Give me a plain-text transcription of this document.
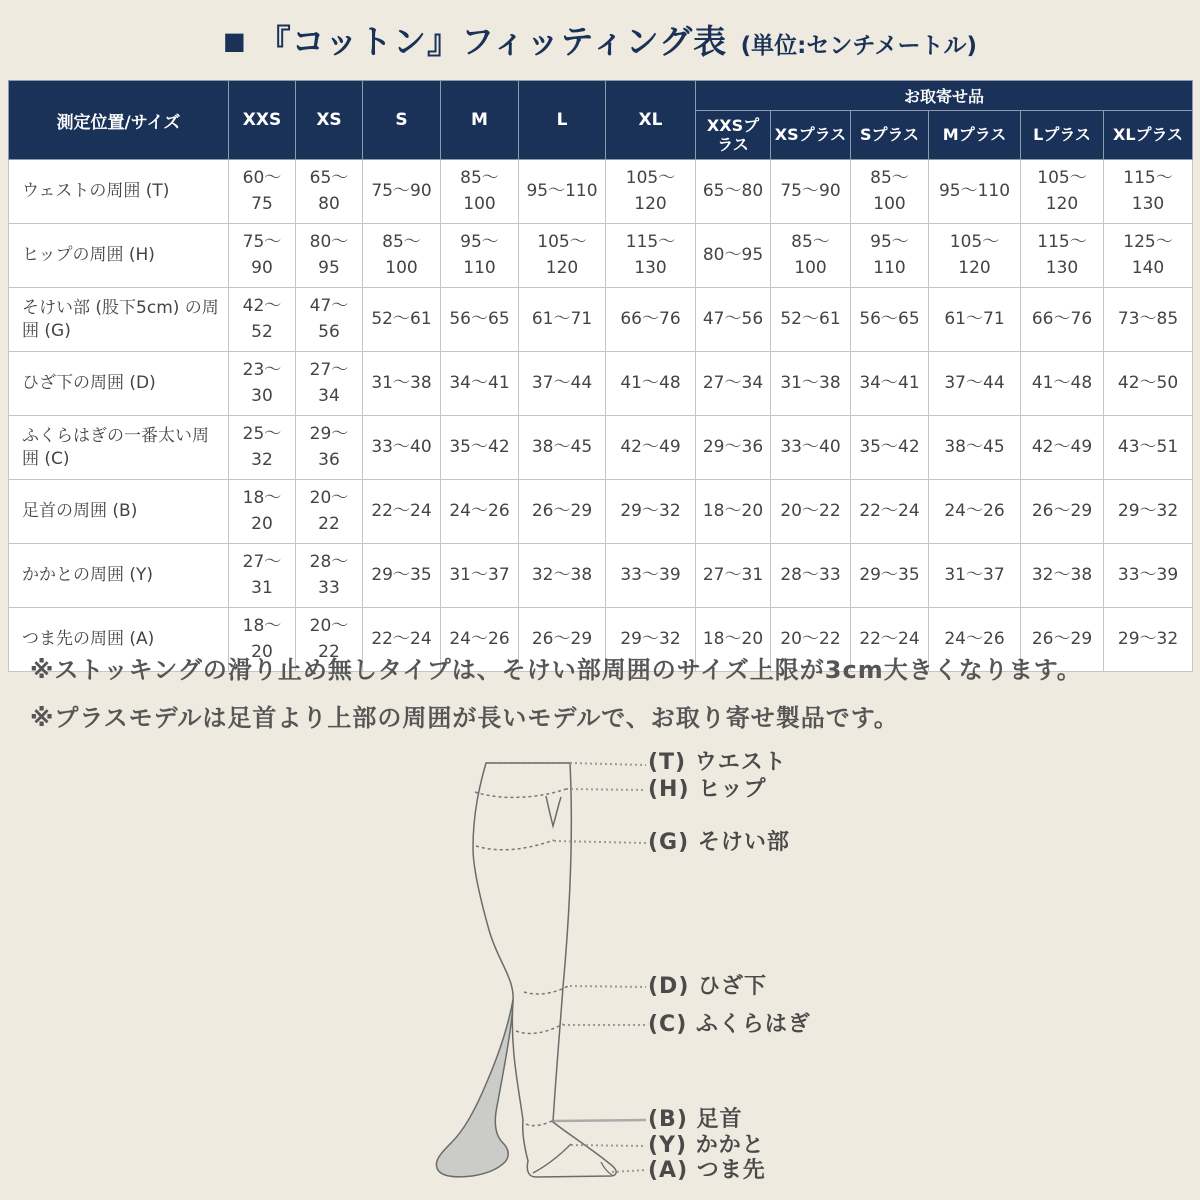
■ 『コットン』フィッティング表 (単位:センチメートル)
測定位置/サイズ	XXS	XS	S	M	L	XL	お取寄せ品					
							XXSプラス	XSプラス	Sプラス	Mプラス	Lプラス	XLプラス
ウェストの周囲 (T)	60〜75	65〜80	75〜90	85〜100	95〜110	105〜120	65〜80	75〜90	85〜100	95〜110	105〜120	115〜130
ヒップの周囲 (H)	75〜90	80〜95	85〜100	95〜110	105〜120	115〜130	80〜95	85〜100	95〜110	105〜120	115〜130	125〜140
そけい部 (股下5cm) の周囲 (G)	42〜52	47〜56	52〜61	56〜65	61〜71	66〜76	47〜56	52〜61	56〜65	61〜71	66〜76	73〜85
ひざ下の周囲 (D)	23〜30	27〜34	31〜38	34〜41	37〜44	41〜48	27〜34	31〜38	34〜41	37〜44	41〜48	42〜50
ふくらはぎの一番太い周囲 (C)	25〜32	29〜36	33〜40	35〜42	38〜45	42〜49	29〜36	33〜40	35〜42	38〜45	42〜49	43〜51
足首の周囲 (B)	18〜20	20〜22	22〜24	24〜26	26〜29	29〜32	18〜20	20〜22	22〜24	24〜26	26〜29	29〜32
かかとの周囲 (Y)	27〜31	28〜33	29〜35	31〜37	32〜38	33〜39	27〜31	28〜33	29〜35	31〜37	32〜38	33〜39
つま先の周囲 (A)	18〜20	20〜22	22〜24	24〜26	26〜29	29〜32	18〜20	20〜22	22〜24	24〜26	26〜29	29〜32
※ストッキングの滑り止め無しタイプは、そけい部周囲のサイズ上限が3cm大きくなります。
※プラスモデルは足首より上部の周囲が長いモデルで、お取り寄せ製品です。
(T) ウエスト
(H) ヒップ
(G) そけい部
(D) ひざ下
(C) ふくらはぎ
(B) 足首
(Y) かかと
(A) つま先
